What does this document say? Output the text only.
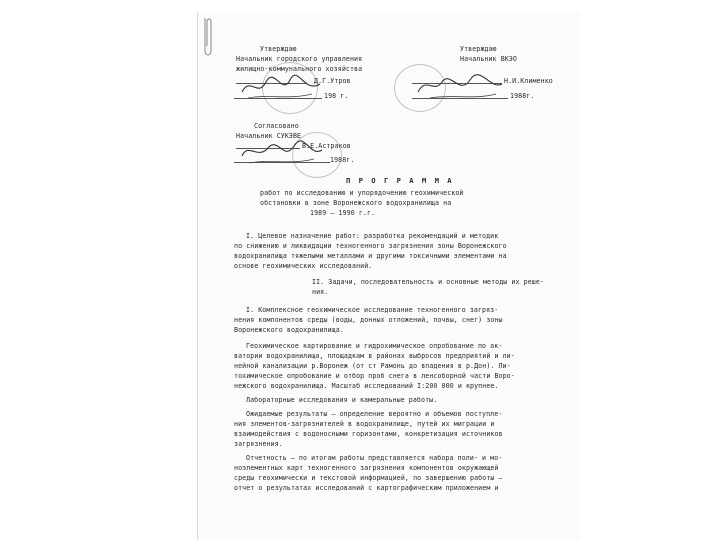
Утверждаю
Начальник городского управления
жилищно-коммунального хозяйства
Д.Г.Утров
198 г.
Утверждаю
Начальник ВКЭО
Н.И.Клименко
1988г.
Согласовано
Начальник СУКЭВЕ
В.Е.Астраков
1988г.
П Р О Г Р А М М А
работ по исследованию и упорядочению геохимической
обстановки в зоне Воронежского водохранилища на
1989 – 1990 г.г.
I. Целевое назначение работ: разработка рекомендаций и методик
по снижению и ликвидации техногенного загрязнения зоны Воронежского
водохранилища тяжелыми металлами и другими токсичными элементами на
основе геохимических исследований.
II. Задачи, последовательность и основные методы их реше-
ния.
I. Комплексное геохимическое исследование техногенного загряз-
нения компонентов среды (воды, донных отложений, почвы, снег) зоны
Воронежского водохранилища.
Геохимическое картирование и гидрохимическое опробование по ак-
ватории водохранилища, площадкам в районах выбросов предприятий и ли-
нейной канализации р.Воронеж (от ст Рамонь до впадения в р.Дон). Ли-
тохимическое опробование и отбор проб снега в ленсоборной части Воро-
нежского водохранилища. Масштаб исследований I:200 000 и крупнее.
Лабораторные исследования и камеральные работы.
Ожидаемые результаты – определение вероятно и объемов поступле-
ния элементов-загрязнителей в водохранилище, путей их миграции и
взаимодействия с водоносными горизонтами, конкретизация источников
загрязнения.
Отчетность – по итогам работы представляется набора поли- и мо-
ноэлементных карт техногенного загрязнения компонентов окружающей
среды геохимически и текстовой информацией, по завершению работы –
отчет о результатах исследований с картографическим приложением и
